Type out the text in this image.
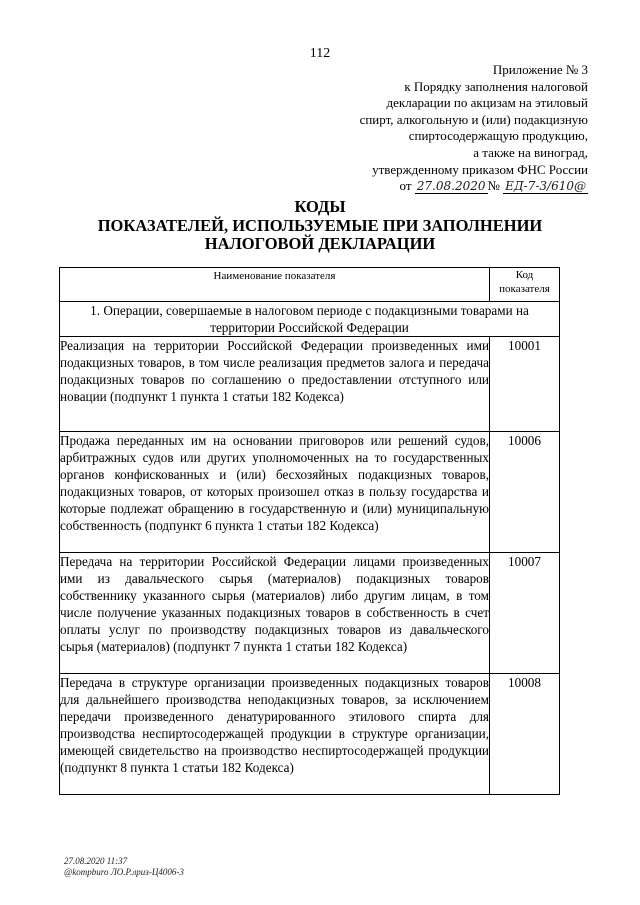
112
Приложение № 3
к Порядку заполнения налоговой
декларации по акцизам на этиловый
спирт, алкогольную и (или) подакцизную
спиртосодержащую продукцию,
а также на виноград,
утвержденному приказом ФНС России
от 27.08.2020 № ЕД-7-3/610@
КОДЫ
ПОКАЗАТЕЛЕЙ, ИСПОЛЬЗУЕМЫЕ ПРИ ЗАПОЛНЕНИИ
НАЛОГОВОЙ ДЕКЛАРАЦИИ
Наименование показателя	Код
показателя
1. Операции, совершаемые в налоговом периоде с подакцизными товарами на территории Российской Федерации	
Реализация на территории Российской Федерации произведенных ими подакцизных товаров, в том числе реализация предметов залога и передача подакцизных товаров по соглашению о предоставлении отступного или новации (подпункт 1 пункта 1 статьи 182 Кодекса)	10001
Продажа переданных им на основании приговоров или решений судов, арбитражных судов или других уполномоченных на то государственных органов конфискованных и (или) бесхозяйных подакцизных товаров, подакцизных товаров, от которых произошел отказ в пользу государства и которые подлежат обращению в государственную и (или) муниципальную собственность (подпункт 6 пункта 1 статьи 182 Кодекса)	10006
Передача на территории Российской Федерации лицами произведенных ими из давальческого сырья (материалов) подакцизных товаров собственнику указанного сырья (материалов) либо другим лицам, в том числе получение указанных подакцизных товаров в собственность в счет оплаты услуг по производству подакцизных товаров из давальческого сырья (материалов) (подпункт 7 пункта 1 статьи 182 Кодекса)	10007
Передача в структуре организации произведенных подакцизных товаров для дальнейшего производства неподакцизных товаров, за исключением передачи произведенного денатурированного этилового спирта для производства неспиртосодержащей продукции в структуре организации, имеющей свидетельство на производство неспиртосодержащей продукции (подпункт 8 пункта 1 статьи 182 Кодекса)	10008
27.08.2020 11:37
@kompburo ЛО.Р.лриз-Ц4006-3
